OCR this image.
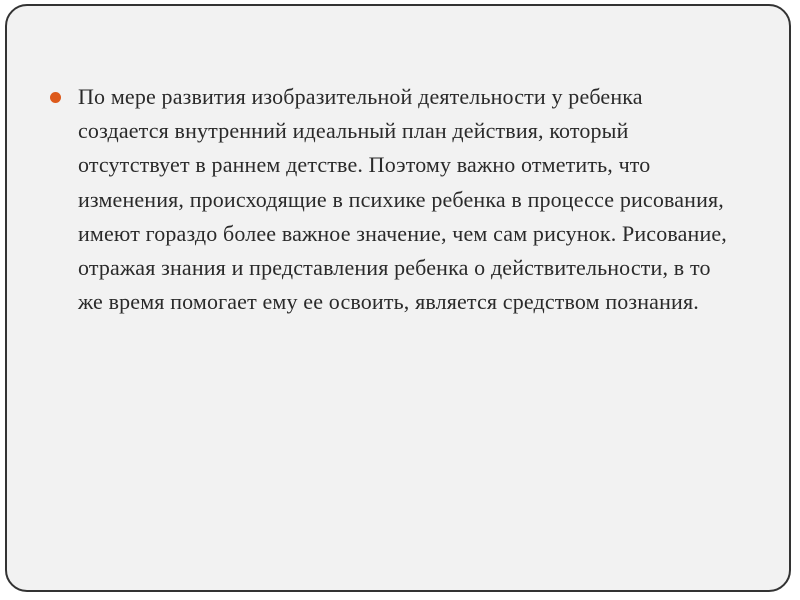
По мере развития изобразительной деятельности у ребенка создается внутренний идеальный план действия, который отсутствует в раннем детстве. Поэтому важно отметить, что изменения, происходящие в психике ребенка в процессе рисования, имеют гораздо более важное значение, чем сам рисунок. Рисование, отражая знания и представления ребенка о действительности, в то же время помогает ему ее освоить, является средством познания.
